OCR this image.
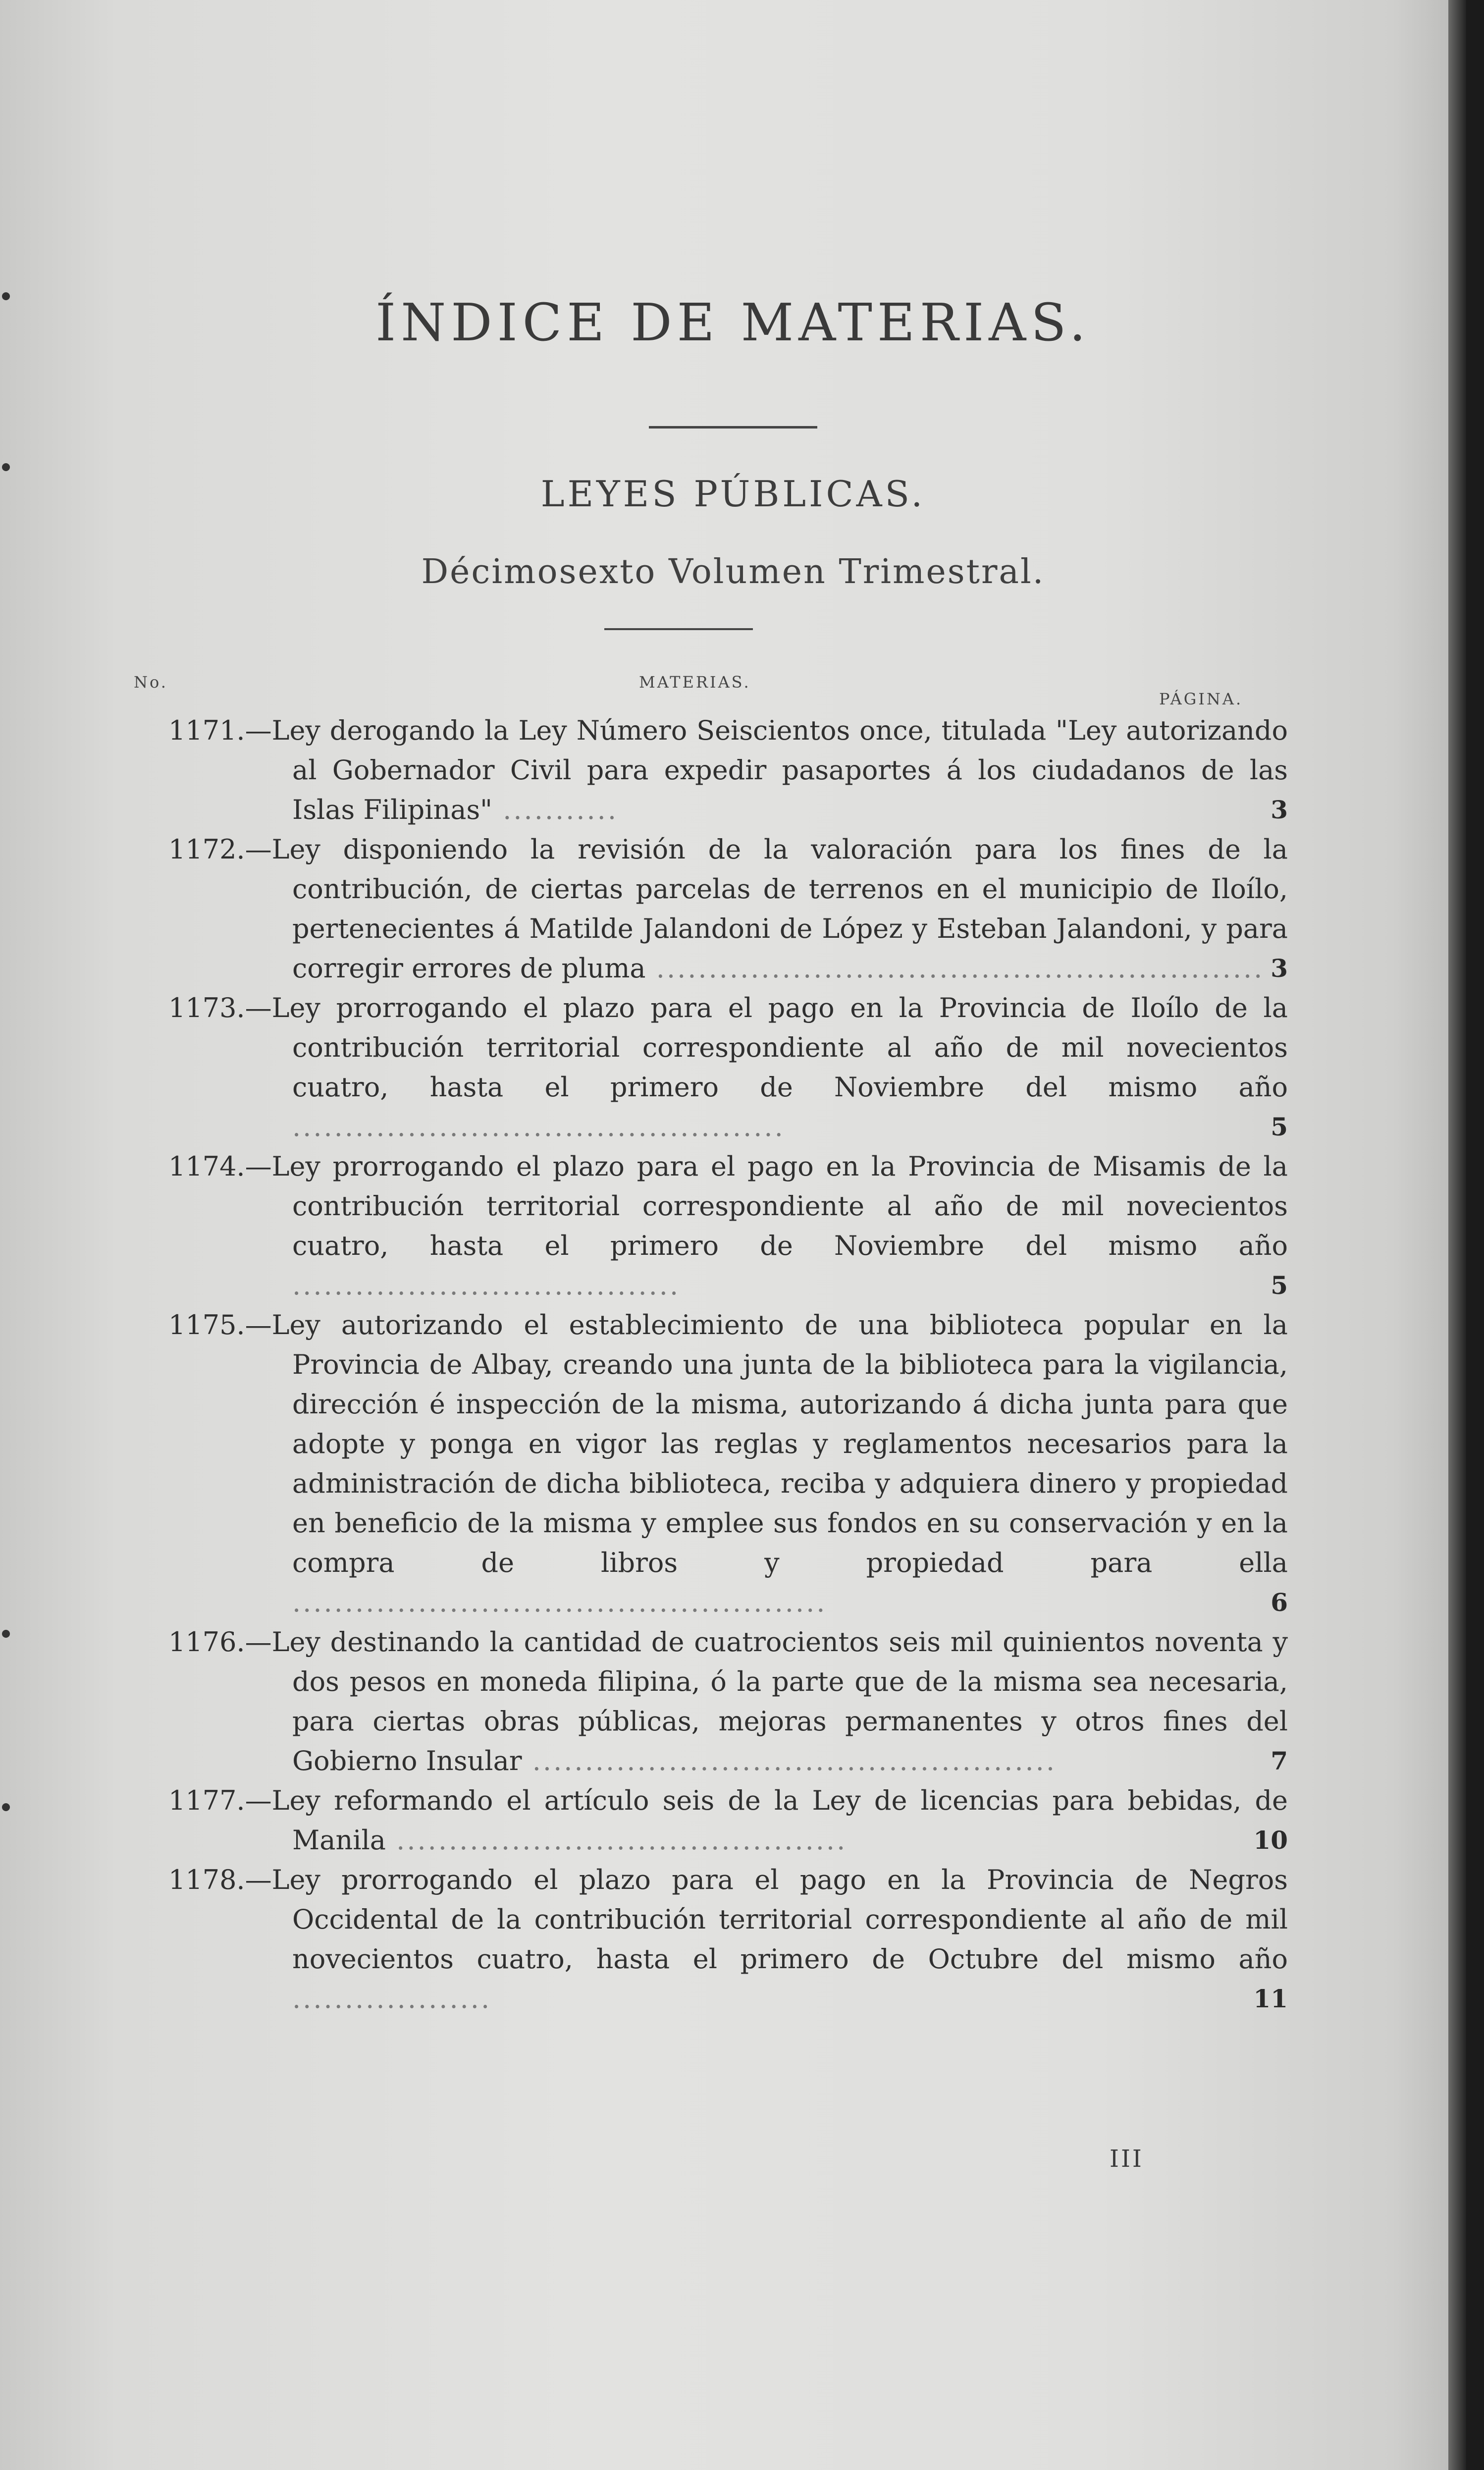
ÍNDICE DE MATERIAS.
LEYES PÚBLICAS.
Décimosexto Volumen Trimestral.
No.	MATERIAS.
PÁGINA.
1171.—Ley derogando la Ley Número Seiscientos once, titulada "Ley autorizando al Gobernador Civil para expedir pasaportes á los ciudadanos de las Islas Filipinas" ...........	3
1172.—Ley disponiendo la revisión de la valoración para los fines de la contribución, de ciertas parcelas de terrenos en el municipio de Iloílo, pertenecientes á Matilde Jalandoni de López y Esteban Jalandoni, y para corregir errores de pluma .......................................................... 3
1173.—Ley prorrogando el plazo para el pago en la Provincia de Iloílo de la contribución territorial correspondiente al año de mil novecientos cuatro, hasta el primero de Noviembre del mismo año ...............................................	5
1174.—Ley prorrogando el plazo para el pago en la Provincia de Misamis de la contribución territorial correspondiente al año de mil novecientos cuatro, hasta el primero de Noviembre del mismo año .....................................	5
1175.—Ley autorizando el establecimiento de una biblioteca popular en la Provincia de Albay, creando una junta de la biblioteca para la vigilancia, dirección é inspección de la misma, autorizando á dicha junta para que adopte y ponga en vigor las reglas y reglamentos necesarios para la administración de dicha biblioteca, reciba y adquiera dinero y propiedad en beneficio de la misma y emplee sus fondos en su conservación y en la compra de libros y propiedad para ella ...................................................	6
1176.—Ley destinando la cantidad de cuatrocientos seis mil quinientos noventa y dos pesos en moneda filipina, ó la parte que de la misma sea necesaria, para ciertas obras públicas, mejoras permanentes y otros fines del Gobierno Insular ..................................................	7
1177.—Ley reformando el artículo seis de la Ley de licencias para bebidas, de Manila ...........................................	10
1178.—Ley prorrogando el plazo para el pago en la Provincia de Negros Occidental de la contribución territorial correspondiente al año de mil novecientos cuatro, hasta el primero de Octubre del mismo año ...................	11
III
